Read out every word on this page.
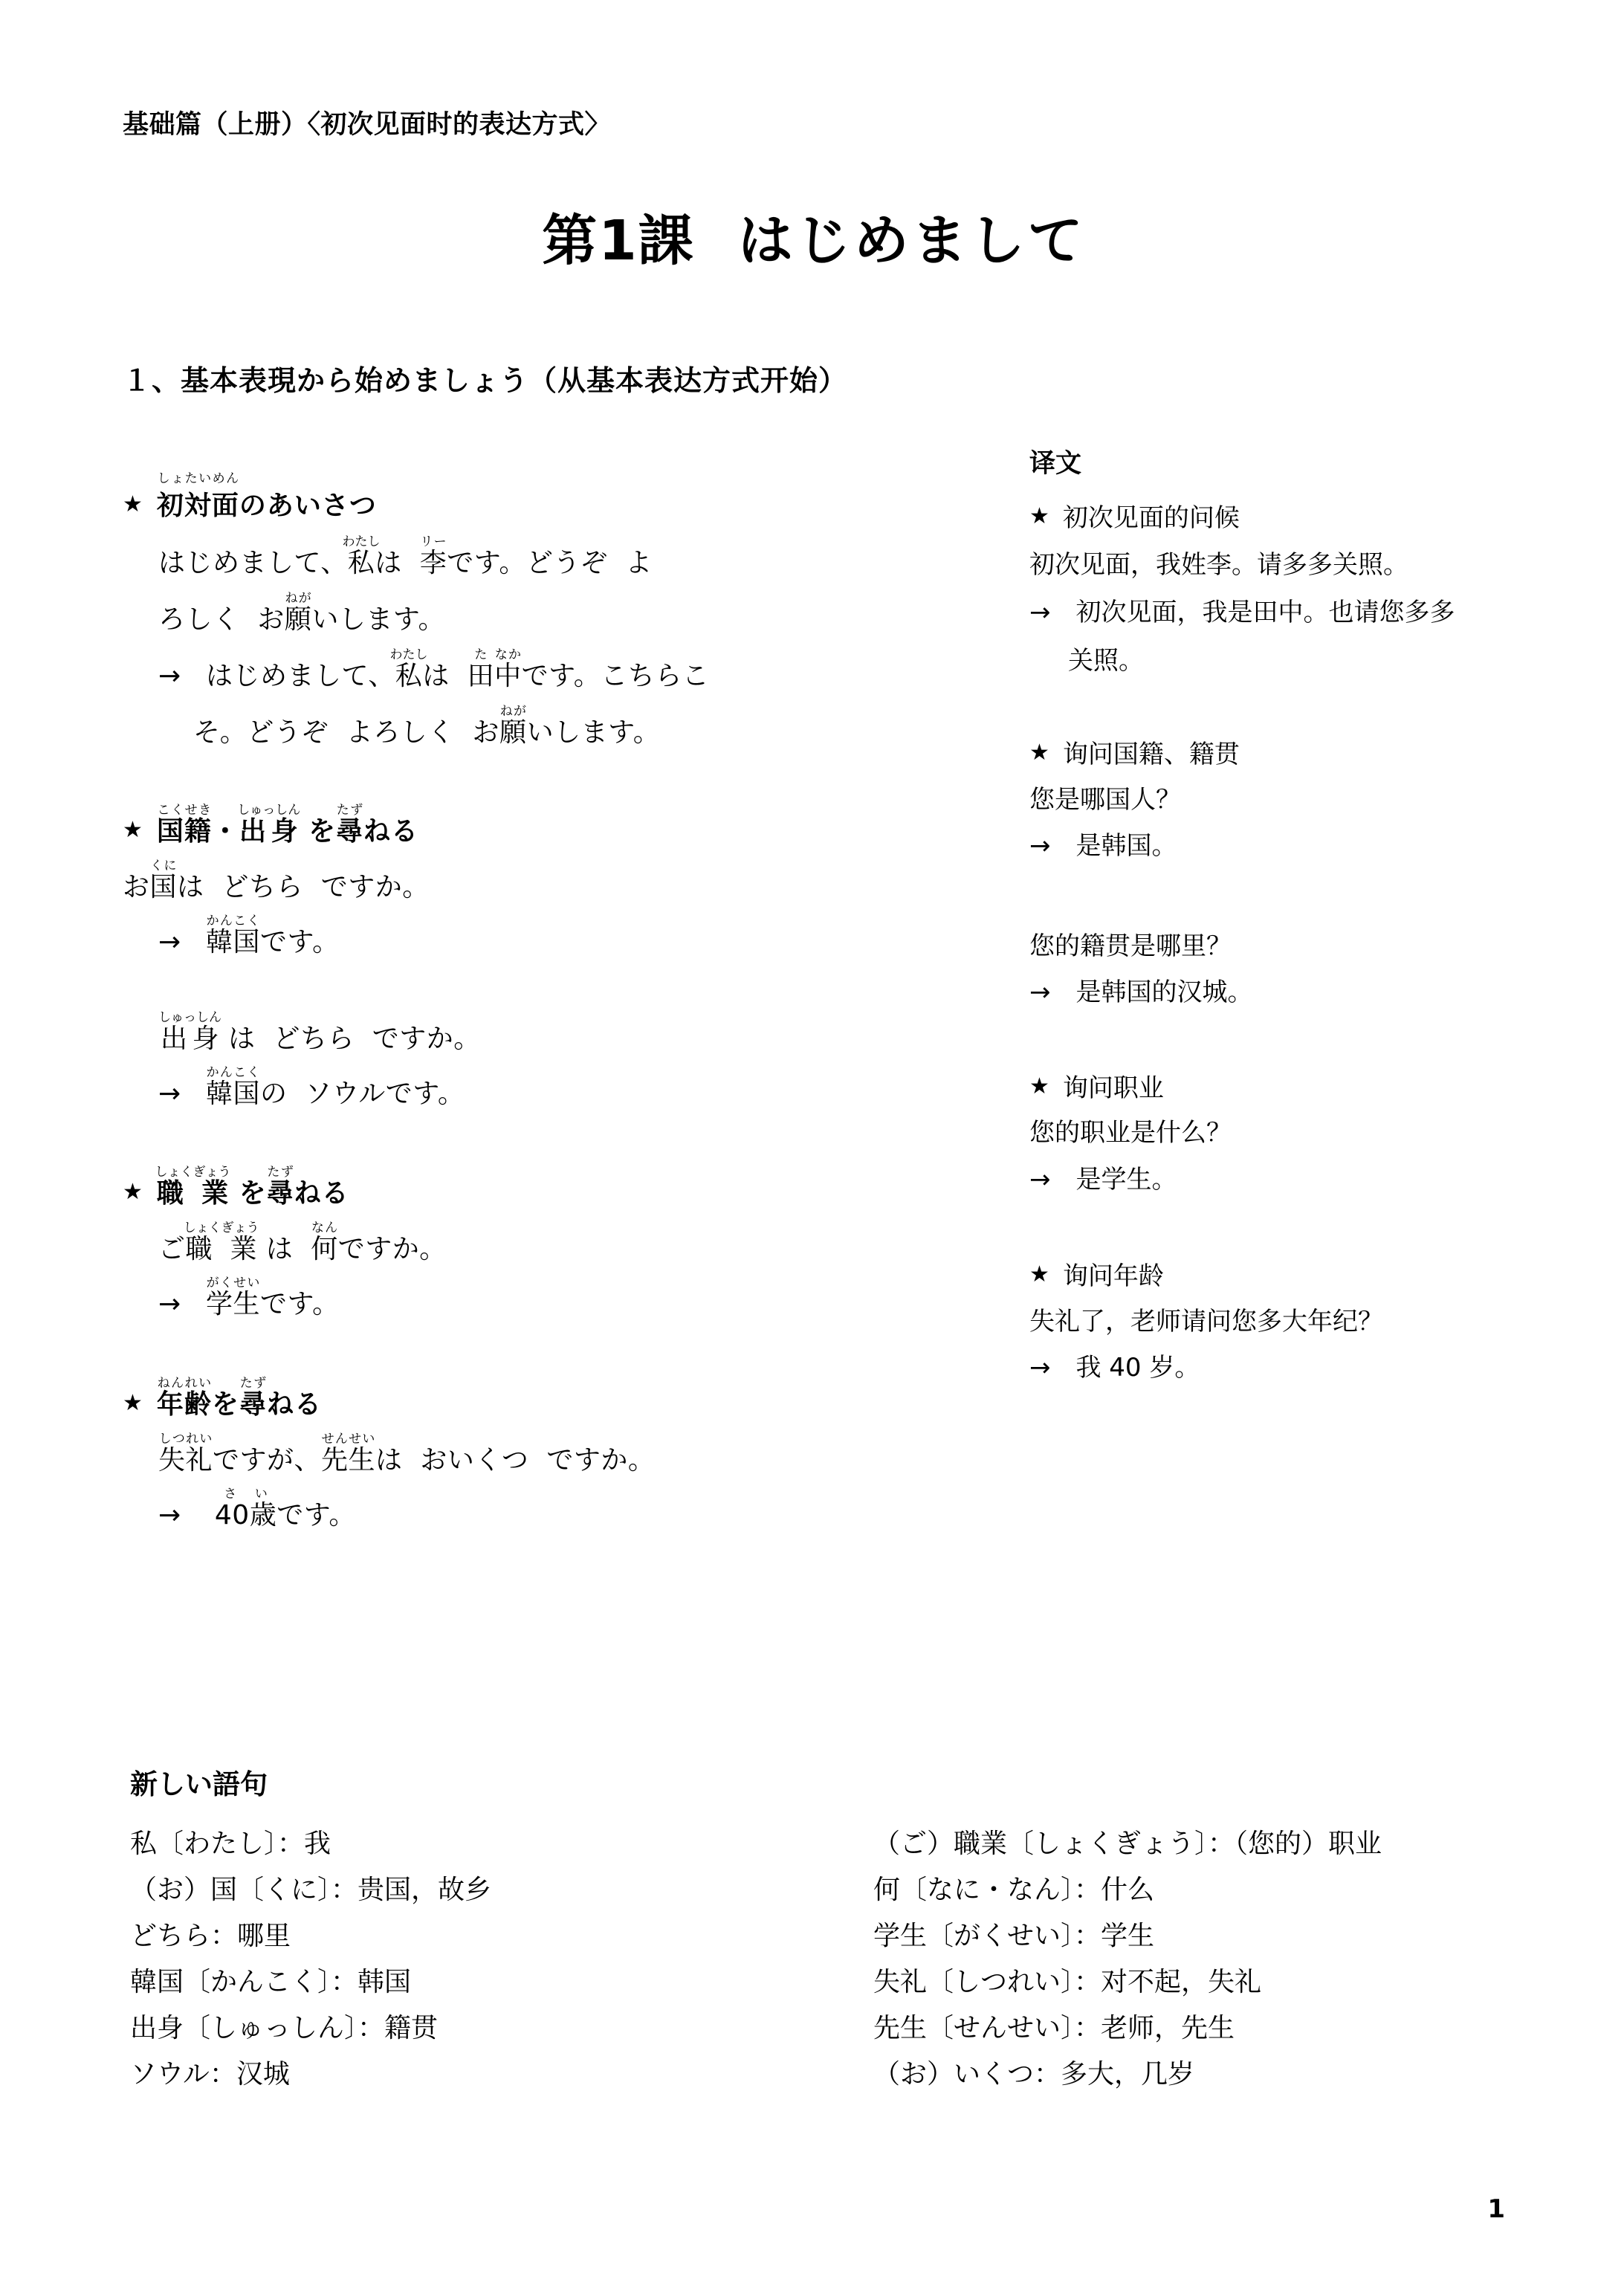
基础篇（上册）〈初次见面时的表达方式〉
第1課 はじめまして
１、基本表現から始めましょう（从基本表达方式开始）
★ 初対面しょたいめんのあいさつ
はじめまして、私わたしは  李リーです。どうぞ  よ
ろしく  お願ねがいします。
→ はじめまして、私わたしは  田た中なかです。こちらこ
そ。どうぞ  よろしく  お願ねがいします。
★ 国籍こくせき・出身しゅっしん を尋たずねる
お国くには  どちら  ですか。
→ 韓国かんこくです。
出身しゅっしん は  どちら  ですか。
→ 韓国かんこくの  ソウルです。
★ 職 業しょくぎょう を尋たずねる
ご職 業しょくぎょう は  何なんですか。
→ 学生がくせいです。
★ 年齢ねんれいを尋たずねる
失礼しつれいですが、先生せんせいは  おいくつ  ですか。
→ 40歳さいです。
译文
★ 初次见面的问候
初次见面，我姓李。请多多关照。
→　初次见面，我是田中。也请您多多
关照。
★ 询问国籍、籍贯
您是哪国人？
→　是韩国。
您的籍贯是哪里？
→　是韩国的汉城。
★ 询问职业
您的职业是什么？
→　是学生。
★ 询问年龄
失礼了，老师请问您多大年纪？
→　我 40 岁。
新しい語句
私〔わたし〕：我
（お）国〔くに〕：贵国，故乡
どちら：哪里
韓国〔かんこく〕：韩国
出身〔しゅっしん〕：籍贯
ソウル：汉城
（ご）職業〔しょくぎょう〕：（您的）职业
何〔なに・なん〕：什么
学生〔がくせい〕：学生
失礼〔しつれい〕：对不起，失礼
先生〔せんせい〕：老师，先生
（お）いくつ：多大，几岁
1
